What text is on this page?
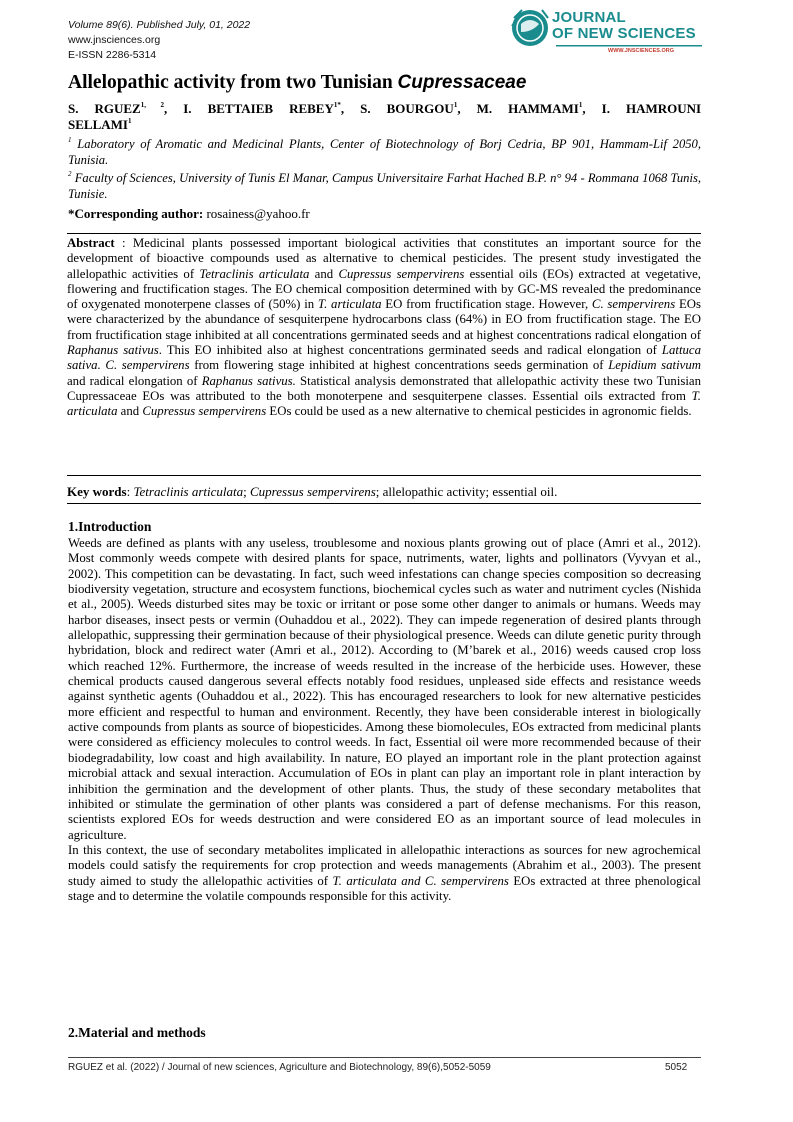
Volume 89(6). Published July, 01, 2022
www.jnsciences.org
E-ISSN 2286-5314
JOURNAL
OF NEW SCIENCES
WWW.JNSCIENCES.ORG
Allelopathic activity from two Tunisian Cupressaceae
S. RGUEZ$^{1, 2}$, I. BETTAIEB $REBEY^{1*}$, S. BOURGOU$^1$, M. HAMMAMI$^1$, I. HAMROUNI
SELLAMI$^1$
$^1$ Laboratory of Aromatic and Medicinal Plants, Center of Biotechnology of Borj Cedria, BP 901, Hammam-Lif 2050, Tunisia.
$^2$ Faculty of Sciences, University of Tunis El Manar, Campus Universitaire Farhat Hached B.P. n° 94 - Rommana 1068 Tunis, Tunisie.
*Corresponding author: rosainess@yahoo.fr
Abstract : Medicinal plants possessed important biological activities that constitutes an important source for the development of bioactive compounds used as alternative to chemical pesticides. The present study investigated the allelopathic activities of Tetraclinis articulata and Cupressus sempervirens essential oils (EOs) extracted at vegetative, flowering and fructification stages. The EO chemical composition determined with by GC-MS revealed the predominance of oxygenated monoterpene classes of (50%) in T. articulata EO from fructification stage. However, C. sempervirens EOs were characterized by the abundance of sesquiterpene hydrocarbons class (64%) in EO from fructification stage. The EO from fructification stage inhibited at all concentrations germinated seeds and at highest concentrations radical elongation of Raphanus sativus. This EO inhibited also at highest concentrations germinated seeds and radical elongation of Lattuca sativa. C. sempervirens from flowering stage inhibited at highest concentrations seeds germination of Lepidium sativum and radical elongation of Raphanus sativus. Statistical analysis demonstrated that allelopathic activity these two Tunisian Cupressaceae EOs was attributed to the both monoterpene and sesquiterpene classes. Essential oils extracted from T. articulata and Cupressus sempervirens EOs could be used as a new alternative to chemical pesticides in agronomic fields.
Key words: Tetraclinis articulata; Cupressus sempervirens; allelopathic activity; essential oil.
1.Introduction
Weeds are defined as plants with any useless, troublesome and noxious plants growing out of place (Amri et al., 2012). Most commonly weeds compete with desired plants for space, nutriments, water, lights and pollinators (Vyvyan et al., 2002). This competition can be devastating. In fact, such weed infestations can change species composition so decreasing biodiversity vegetation, structure and ecosystem functions, biochemical cycles such as water and nutriment cycles (Nishida et al., 2005). Weeds disturbed sites may be toxic or irritant or pose some other danger to animals or humans. Weeds may harbor diseases, insect pests or vermin (Ouhaddou et al., 2022). They can impede regeneration of desired plants through allelopathic, suppressing their germination because of their physiological presence. Weeds can dilute genetic purity through hybridation, block and redirect water (Amri et al., 2012). According to (M’barek et al., 2016) weeds caused crop loss which reached 12%. Furthermore, the increase of weeds resulted in the increase of the herbicide uses. However, these chemical products caused dangerous several effects notably food residues, unpleased side effects and resistance weeds against synthetic agents (Ouhaddou et al., 2022). This has encouraged researchers to look for new alternative pesticides more efficient and respectful to human and environment. Recently, they have been considerable interest in biologically active compounds from plants as source of biopesticides. Among these biomolecules, EOs extracted from medicinal plants were considered as efficiency molecules to control weeds. In fact, Essential oil were more recommended because of their biodegradability, low coast and high availability. In nature, EO played an important role in the plant protection against microbial attack and sexual interaction. Accumulation of EOs in plant can play an important role in plant interaction by inhibition the germination and the development of other plants. Thus, the study of these secondary metabolites that inhibited or stimulate the germination of other plants was considered a part of defense mechanisms. For this reason, scientists explored EOs for weeds destruction and were considered EO as an important source of lead molecules in agriculture.
In this context, the use of secondary metabolites implicated in allelopathic interactions as sources for new agrochemical models could satisfy the requirements for crop protection and weeds managements (Abrahim et al., 2003). The present study aimed to study the allelopathic activities of T. articulata and C. sempervirens EOs extracted at three phenological stage and to determine the volatile compounds responsible for this activity.
2.Material and methods
RGUEZ et al. (2022) / Journal of new sciences, Agriculture and Biotechnology, 89(6),5052-5059	5052
